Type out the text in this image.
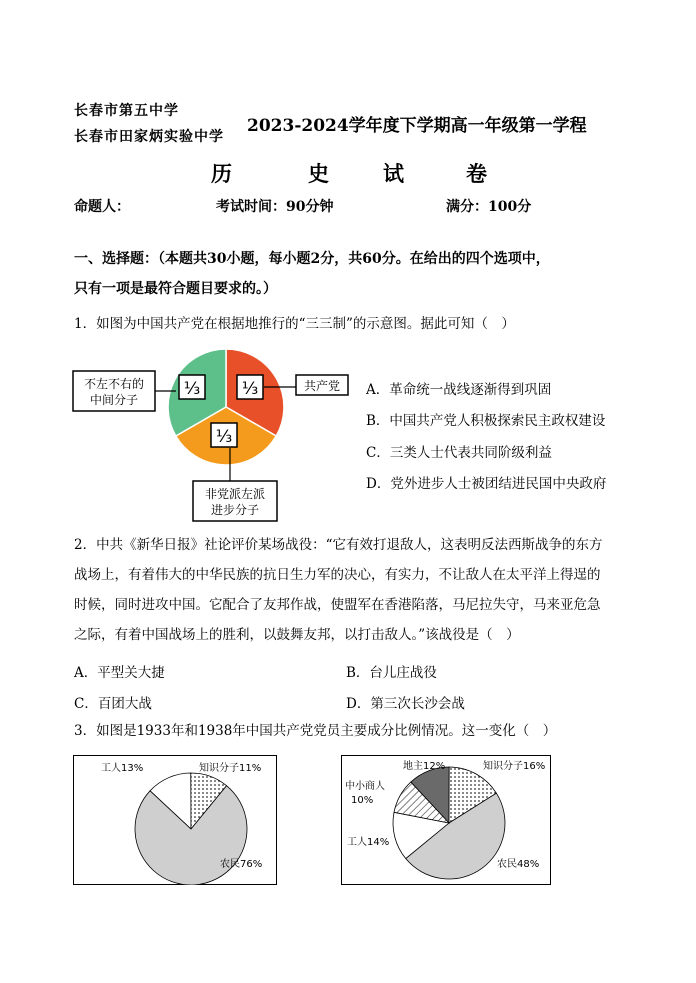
长春市第五中学
长春市田家炳实验中学
2023-2024学年度下学期高一年级第一学程
历	史	试	卷
命题人：	考试时间：90分钟	满分：100分
一、选择题：（本题共30小题，每小题2分，共60分。在给出的四个选项中，
只有一项是最符合题目要求的。）
1．如图为中国共产党在根据地推行的“三三制”的示意图。据此可知（　）
⅓ ⅓
⅓
不左不右的
中间分子
共产党
非党派左派
进步分子
A．革命统一战线逐渐得到巩固
B．中国共产党人积极探索民主政权建设
C．三类人士代表共同阶级利益
D．党外进步人士被团结进民国中央政府
2．中共《新华日报》社论评价某场战役：“它有效打退敌人，这表明反法西斯战争的东方
战场上，有着伟大的中华民族的抗日生力军的决心，有实力，不让敌人在太平洋上得逞的
时候，同时进攻中国。它配合了友邦作战，使盟军在香港陷落，马尼拉失守，马来亚危急
之际，有着中国战场上的胜利，以鼓舞友邦，以打击敌人。”该战役是（　）
A．平型关大捷	B．台儿庄战役
C．百团大战	D．第三次长沙会战
3．如图是1933年和1938年中国共产党党员主要成分比例情况。这一变化（　）
工人13%	知识分子11%
农民76%
地主12%	知识分子16%
农民48%
工人14%
中小商人
10%
